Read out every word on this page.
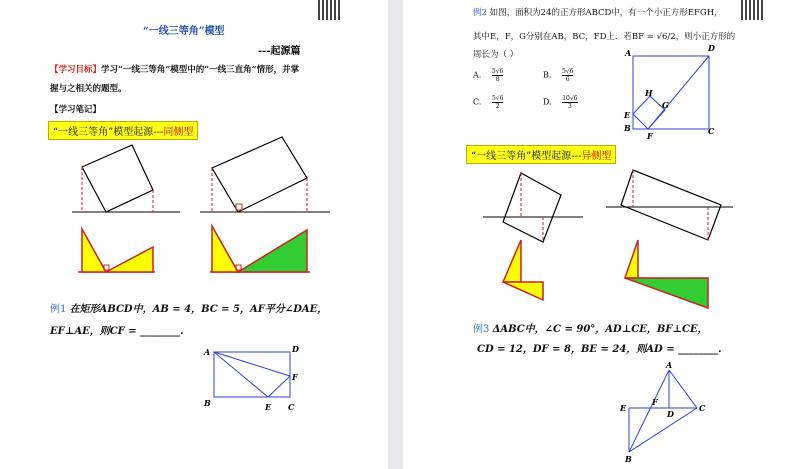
“一线三等角”模型
---起源篇
【学习目标】学习“一线三等角”模型中的“一线三直角”情形，并掌
握与之相关的题型。
【学习笔记】
“一线三等角”模型起源---同侧型
例1 在矩形ABCD中，AB = 4，BC = 5，AF平分∠DAE，
EF⊥AE，则CF = ________.
A	D
F
B	E C
例2 如图，面积为24的正方形ABCD中，有一个小正方形EFGH，
其中E，F，G分别在AB，BC，FD上．若BF = √6/2，则小正方形的
周长为（ ）
A. $\frac{5√6}{8}$	B. $\frac{5√6}{6}$
C. $\frac{5√6}{2}$	D. $\frac{10√6}{3}$
A	D
H
G
E
B
F	C
“一线三等角”模型起源---异侧型
例3 ΔABC中，∠C = 90°，AD⊥CE，BF⊥CE，
CD = 12，DF = 8，BE = 24，则AD = ________.
A
E
F
D
C
B
